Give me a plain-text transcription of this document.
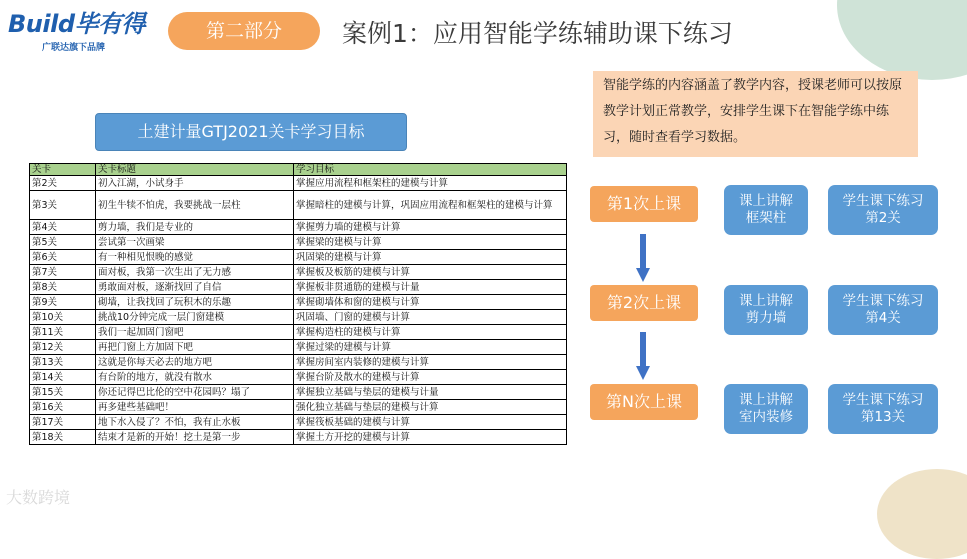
Build毕有得
广联达旗下品牌
第二部分	案例1：应用智能学练辅助课下练习
智能学练的内容涵盖了教学内容，授课老师可以按原教学计划正常教学，安排学生课下在智能学练中练习，随时查看学习数据。
土建计量GTJ2021关卡学习目标
关卡	关卡标题	学习目标
第2关	初入江湖，小试身手	掌握应用流程和框架柱的建模与计算
第3关	初生牛犊不怕虎，我要挑战一层柱	掌握暗柱的建模与计算，巩固应用流程和框架柱的建模与计算
第4关	剪力墙，我们是专业的	掌握剪力墙的建模与计算
第5关	尝试第一次画梁	掌握梁的建模与计算
第6关	有一种相见恨晚的感觉	巩固梁的建模与计算
第7关	面对板，我第一次生出了无力感	掌握板及板筋的建模与计算
第8关	勇敢面对板，逐渐找回了自信	掌握板非贯通筋的建模与计量
第9关	砌墙，让我找回了玩积木的乐趣	掌握砌墙体和窗的建模与计算
第10关	挑战10分钟完成一层门窗建模	巩固墙、门窗的建模与计算
第11关	我们一起加固门窗吧	掌握构造柱的建模与计算
第12关	再把门窗上方加固下吧	掌握过梁的建模与计算
第13关	这就是你每天必去的地方吧	掌握房间室内装修的建模与计算
第14关	有台阶的地方，就没有散水	掌握台阶及散水的建模与计算
第15关	你还记得巴比伦的空中花园吗？塌了	掌握独立基础与垫层的建模与计量
第16关	再多建些基础吧！	强化独立基础与垫层的建模与计算
第17关	地下水入侵了？不怕，我有止水板	掌握筏板基础的建模与计算
第18关	结束才是新的开始！挖土是第一步	掌握土方开挖的建模与计算
第1次上课	课上讲解
框架柱
学生课下练习
第2关
第2次上课	课上讲解
剪力墙
学生课下练习
第4关
第N次上课	课上讲解
室内装修
学生课下练习
第13关
大数跨境
